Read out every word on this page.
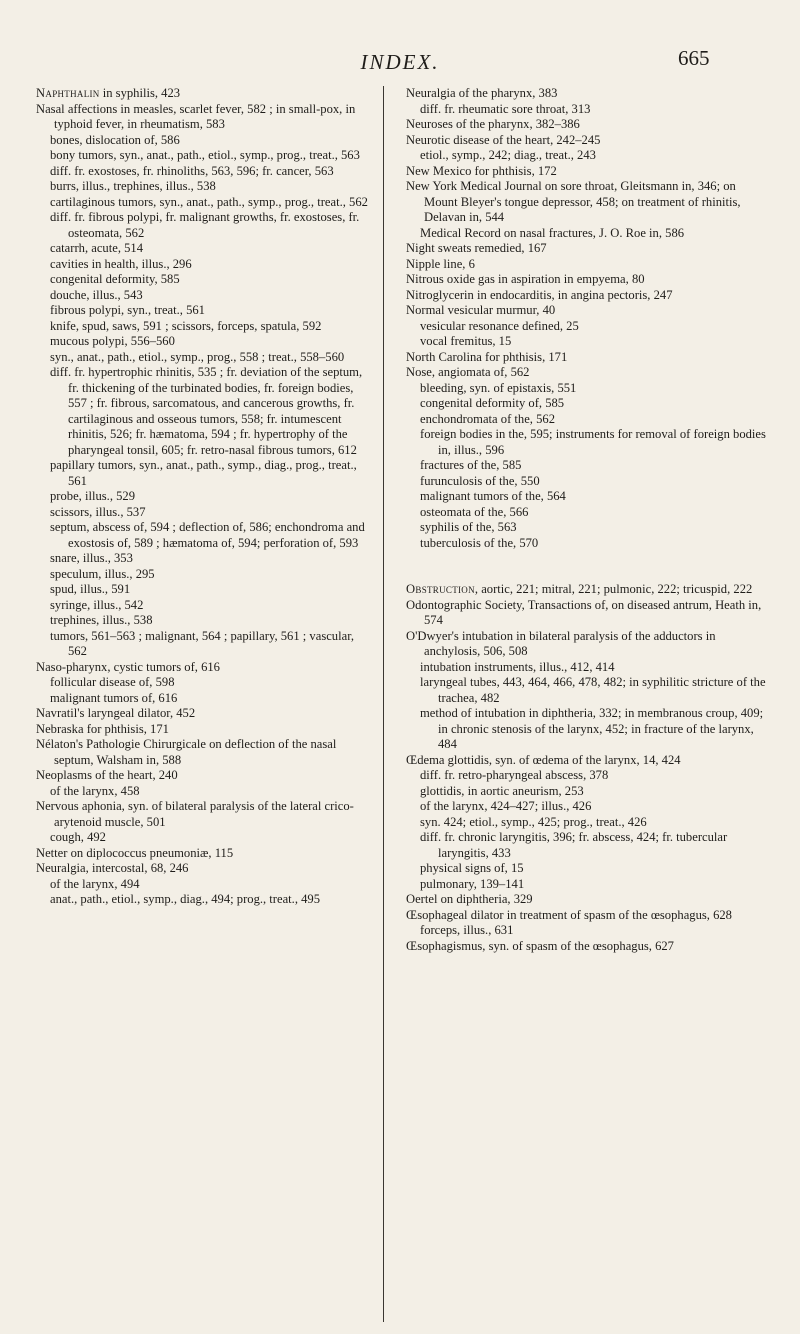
INDEX.	665

Naphthalin in syphilis, 423

Nasal affections in measles, scarlet fever, 582 ; in small-pox, in typhoid fever, in rheumatism, 583

bones, dislocation of, 586

bony tumors, syn., anat., path., etiol., symp., prog., treat., 563

diff. fr. exostoses, fr. rhinoliths, 563, 596; fr. cancer, 563

burrs, illus., trephines, illus., 538

cartilaginous tumors, syn., anat., path., symp., prog., treat., 562

diff. fr. fibrous polypi, fr. malignant growths, fr. exostoses, fr. osteomata, 562

catarrh, acute, 514

cavities in health, illus., 296

congenital deformity, 585

douche, illus., 543

fibrous polypi, syn., treat., 561

knife, spud, saws, 591 ; scissors, forceps, spatula, 592

mucous polypi, 556–560

syn., anat., path., etiol., symp., prog., 558 ; treat., 558–560

diff. fr. hypertrophic rhinitis, 535 ; fr. deviation of the septum, fr. thickening of the turbinated bodies, fr. foreign bodies, 557 ; fr. fibrous, sarcomatous, and cancerous growths, fr. cartilaginous and osseous tumors, 558; fr. intumescent rhinitis, 526; fr. hæmatoma, 594 ; fr. hypertrophy of the pharyngeal tonsil, 605; fr. retro-nasal fibrous tumors, 612

papillary tumors, syn., anat., path., symp., diag., prog., treat., 561

probe, illus., 529

scissors, illus., 537

septum, abscess of, 594 ; deflection of, 586; enchondroma and exostosis of, 589 ; hæmatoma of, 594; perforation of, 593

snare, illus., 353

speculum, illus., 295

spud, illus., 591

syringe, illus., 542

trephines, illus., 538

tumors, 561–563 ; malignant, 564 ; papillary, 561 ; vascular, 562

Naso-pharynx, cystic tumors of, 616

follicular disease of, 598

malignant tumors of, 616

Navratil's laryngeal dilator, 452

Nebraska for phthisis, 171

Nélaton's Pathologie Chirurgicale on deflection of the nasal septum, Walsham in, 588

Neoplasms of the heart, 240

of the larynx, 458

Nervous aphonia, syn. of bilateral paralysis of the lateral crico-arytenoid muscle, 501

cough, 492

Netter on diplococcus pneumoniæ, 115

Neuralgia, intercostal, 68, 246

of the larynx, 494

anat., path., etiol., symp., diag., 494; prog., treat., 495

Neuralgia of the pharynx, 383

diff. fr. rheumatic sore throat, 313

Neuroses of the pharynx, 382–386

Neurotic disease of the heart, 242–245

etiol., symp., 242; diag., treat., 243

New Mexico for phthisis, 172

New York Medical Journal on sore throat, Gleitsmann in, 346; on Mount Bleyer's tongue depressor, 458; on treatment of rhinitis, Delavan in, 544

Medical Record on nasal fractures, J. O. Roe in, 586

Night sweats remedied, 167

Nipple line, 6

Nitrous oxide gas in aspiration in empyema, 80

Nitroglycerin in endocarditis, in angina pectoris, 247

Normal vesicular murmur, 40

vesicular resonance defined, 25

vocal fremitus, 15

North Carolina for phthisis, 171

Nose, angiomata of, 562

bleeding, syn. of epistaxis, 551

congenital deformity of, 585

enchondromata of the, 562

foreign bodies in the, 595; instruments for removal of foreign bodies in, illus., 596

fractures of the, 585

furunculosis of the, 550

malignant tumors of the, 564

osteomata of the, 566

syphilis of the, 563

tuberculosis of the, 570

Obstruction, aortic, 221; mitral, 221; pulmonic, 222; tricuspid, 222

Odontographic Society, Transactions of, on diseased antrum, Heath in, 574

O'Dwyer's intubation in bilateral paralysis of the adductors in anchylosis, 506, 508

intubation instruments, illus., 412, 414

laryngeal tubes, 443, 464, 466, 478, 482; in syphilitic stricture of the trachea, 482

method of intubation in diphtheria, 332; in membranous croup, 409; in chronic stenosis of the larynx, 452; in fracture of the larynx, 484

Œdema glottidis, syn. of œdema of the larynx, 14, 424

diff. fr. retro-pharyngeal abscess, 378

glottidis, in aortic aneurism, 253

of the larynx, 424–427; illus., 426

syn. 424; etiol., symp., 425; prog., treat., 426

diff. fr. chronic laryngitis, 396; fr. abscess, 424; fr. tubercular laryngitis, 433

physical signs of, 15

pulmonary, 139–141

Oertel on diphtheria, 329

Œsophageal dilator in treatment of spasm of the œsophagus, 628

forceps, illus., 631

Œsophagismus, syn. of spasm of the œsophagus, 627
